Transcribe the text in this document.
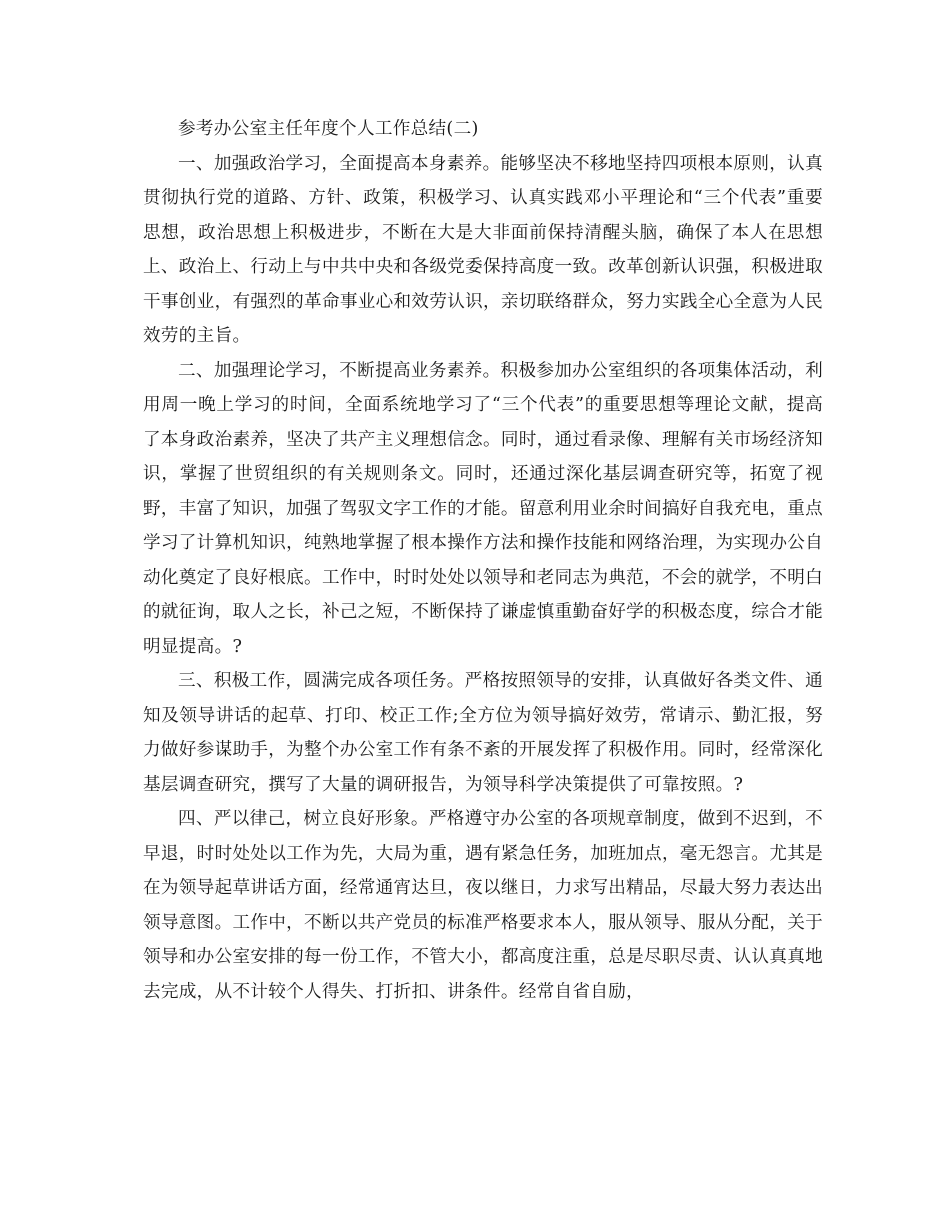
参考办公室主任年度个人工作总结(二)

一、加强政治学习，全面提高本身素养。能够坚决不移地坚持四项根本原则，认真贯彻执行党的道路、方针、政策，积极学习、认真实践邓小平理论和“三个代表”重要思想，政治思想上积极进步，不断在大是大非面前保持清醒头脑，确保了本人在思想上、政治上、行动上与中共中央和各级党委保持高度一致。改革创新认识强，积极进取干事创业，有强烈的革命事业心和效劳认识，亲切联络群众，努力实践全心全意为人民效劳的主旨。

二、加强理论学习，不断提高业务素养。积极参加办公室组织的各项集体活动，利用周一晚上学习的时间，全面系统地学习了“三个代表”的重要思想等理论文献，提高了本身政治素养，坚决了共产主义理想信念。同时，通过看录像、理解有关市场经济知识，掌握了世贸组织的有关规则条文。同时，还通过深化基层调查研究等，拓宽了视野，丰富了知识，加强了驾驭文字工作的才能。留意利用业余时间搞好自我充电，重点学习了计算机知识，纯熟地掌握了根本操作方法和操作技能和网络治理，为实现办公自动化奠定了良好根底。工作中，时时处处以领导和老同志为典范，不会的就学，不明白的就征询，取人之长，补己之短，不断保持了谦虚慎重勤奋好学的积极态度，综合才能明显提高。?

三、积极工作，圆满完成各项任务。严格按照领导的安排，认真做好各类文件、通知及领导讲话的起草、打印、校正工作;全方位为领导搞好效劳，常请示、勤汇报，努力做好参谋助手，为整个办公室工作有条不紊的开展发挥了积极作用。同时，经常深化基层调查研究，撰写了大量的调研报告，为领导科学决策提供了可靠按照。?

四、严以律己，树立良好形象。严格遵守办公室的各项规章制度，做到不迟到，不早退，时时处处以工作为先，大局为重，遇有紧急任务，加班加点，毫无怨言。尤其是在为领导起草讲话方面，经常通宵达旦，夜以继日，力求写出精品，尽最大努力表达出领导意图。工作中，不断以共产党员的标准严格要求本人，服从领导、服从分配，关于领导和办公室安排的每一份工作，不管大小，都高度注重，总是尽职尽责、认认真真地去完成，从不计较个人得失、打折扣、讲条件。经常自省自励，
